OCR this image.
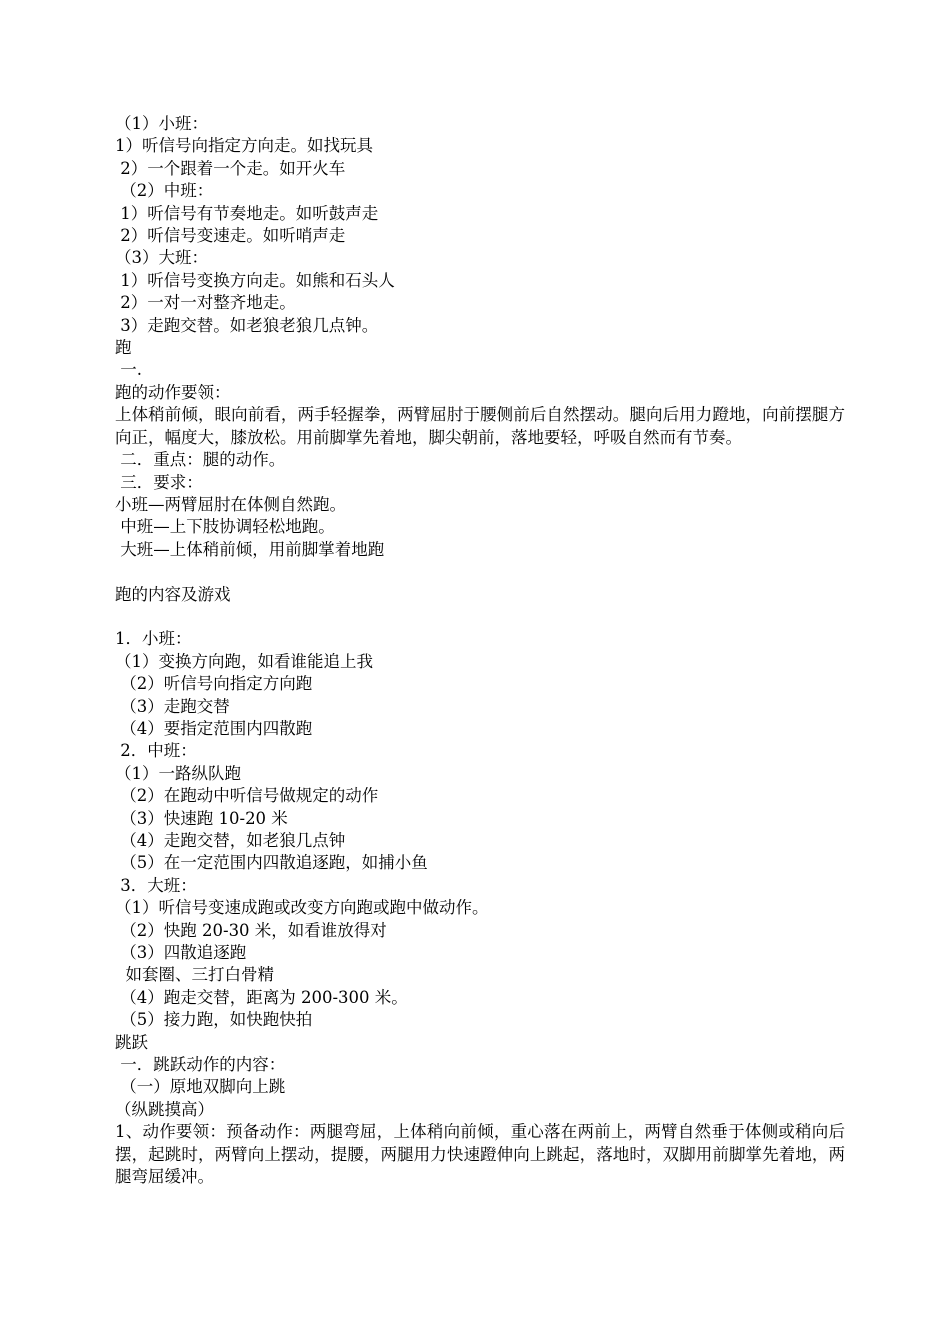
（1）小班：

1）听信号向指定方向走。如找玩具

2）一个跟着一个走。如开火车

（2）中班：

1）听信号有节奏地走。如听鼓声走

2）听信号变速走。如听哨声走

（3）大班：

1）听信号变换方向走。如熊和石头人

2）一对一对整齐地走。

3）走跑交替。如老狼老狼几点钟。

跑

一.

跑的动作要领：

上体稍前倾，眼向前看，两手轻握拳，两臂屈肘于腰侧前后自然摆动。腿向后用力蹬地，向前摆腿方向正，幅度大，膝放松。用前脚掌先着地，脚尖朝前，落地要轻，呼吸自然而有节奏。

二．重点：腿的动作。

三．要求：

小班—两臂屈肘在体侧自然跑。

中班—上下肢协调轻松地跑。

大班—上体稍前倾，用前脚掌着地跑

跑的内容及游戏

1．小班：

（1）变换方向跑，如看谁能追上我

（2）听信号向指定方向跑

（3）走跑交替

（4）要指定范围内四散跑

2．中班：

（1）一路纵队跑

（2）在跑动中听信号做规定的动作

（3）快速跑 10-20 米

（4）走跑交替，如老狼几点钟

（5）在一定范围内四散追逐跑，如捕小鱼

3．大班：

（1）听信号变速成跑或改变方向跑或跑中做动作。

（2）快跑 20-30 米，如看谁放得对

（3）四散追逐跑

如套圈、三打白骨精

（4）跑走交替，距离为 200-300 米。

（5）接力跑，如快跑快拍

跳跃

一．跳跃动作的内容：

（一）原地双脚向上跳

（纵跳摸高）

1、动作要领：预备动作：两腿弯屈，上体稍向前倾，重心落在两前上，两臂自然垂于体侧或稍向后摆，起跳时，两臂向上摆动，提腰，两腿用力快速蹬伸向上跳起，落地时，双脚用前脚掌先着地，两腿弯屈缓冲。
